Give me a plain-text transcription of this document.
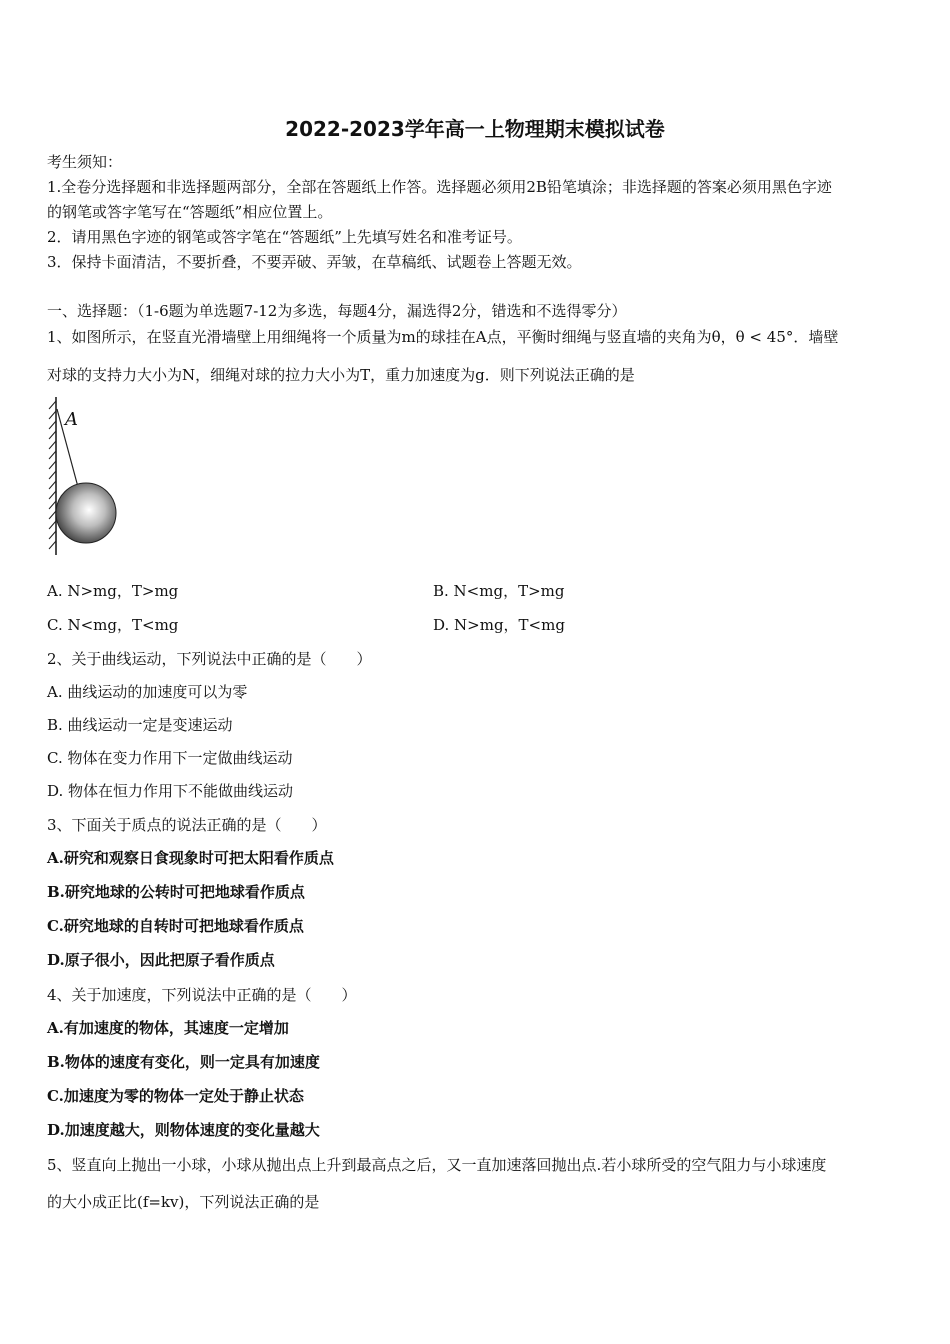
2022-2023学年高一上物理期末模拟试卷
考生须知：
1.全卷分选择题和非选择题两部分，全部在答题纸上作答。选择题必须用2B铅笔填涂；非选择题的答案必须用黑色字迹
的钢笔或答字笔写在“答题纸”相应位置上。
2．请用黑色字迹的钢笔或答字笔在“答题纸”上先填写姓名和准考证号。
3．保持卡面清洁，不要折叠，不要弄破、弄皱，在草稿纸、试题卷上答题无效。
一、选择题：（1-6题为单选题7-12为多选，每题4分，漏选得2分，错选和不选得零分）
1、如图所示，在竖直光滑墙壁上用细绳将一个质量为m的球挂在A点，平衡时细绳与竖直墙的夹角为θ，θ < 45°．墙壁
对球的支持力大小为N，细绳对球的拉力大小为T，重力加速度为g．则下列说法正确的是
A
A. N>mg，T>mg	B. N<mg，T>mg
C. N<mg，T<mg	D. N>mg，T<mg
2、关于曲线运动，下列说法中正确的是（　　）
A. 曲线运动的加速度可以为零
B. 曲线运动一定是变速运动
C. 物体在变力作用下一定做曲线运动
D. 物体在恒力作用下不能做曲线运动
3、下面关于质点的说法正确的是（　　）
A.研究和观察日食现象时可把太阳看作质点
B.研究地球的公转时可把地球看作质点
C.研究地球的自转时可把地球看作质点
D.原子很小，因此把原子看作质点
4、关于加速度，下列说法中正确的是（　　）
A.有加速度的物体，其速度一定增加
B.物体的速度有变化，则一定具有加速度
C.加速度为零的物体一定处于静止状态
D.加速度越大，则物体速度的变化量越大
5、竖直向上抛出一小球，小球从抛出点上升到最高点之后，又一直加速落回抛出点.若小球所受的空气阻力与小球速度
的大小成正比(f=kv)，下列说法正确的是
